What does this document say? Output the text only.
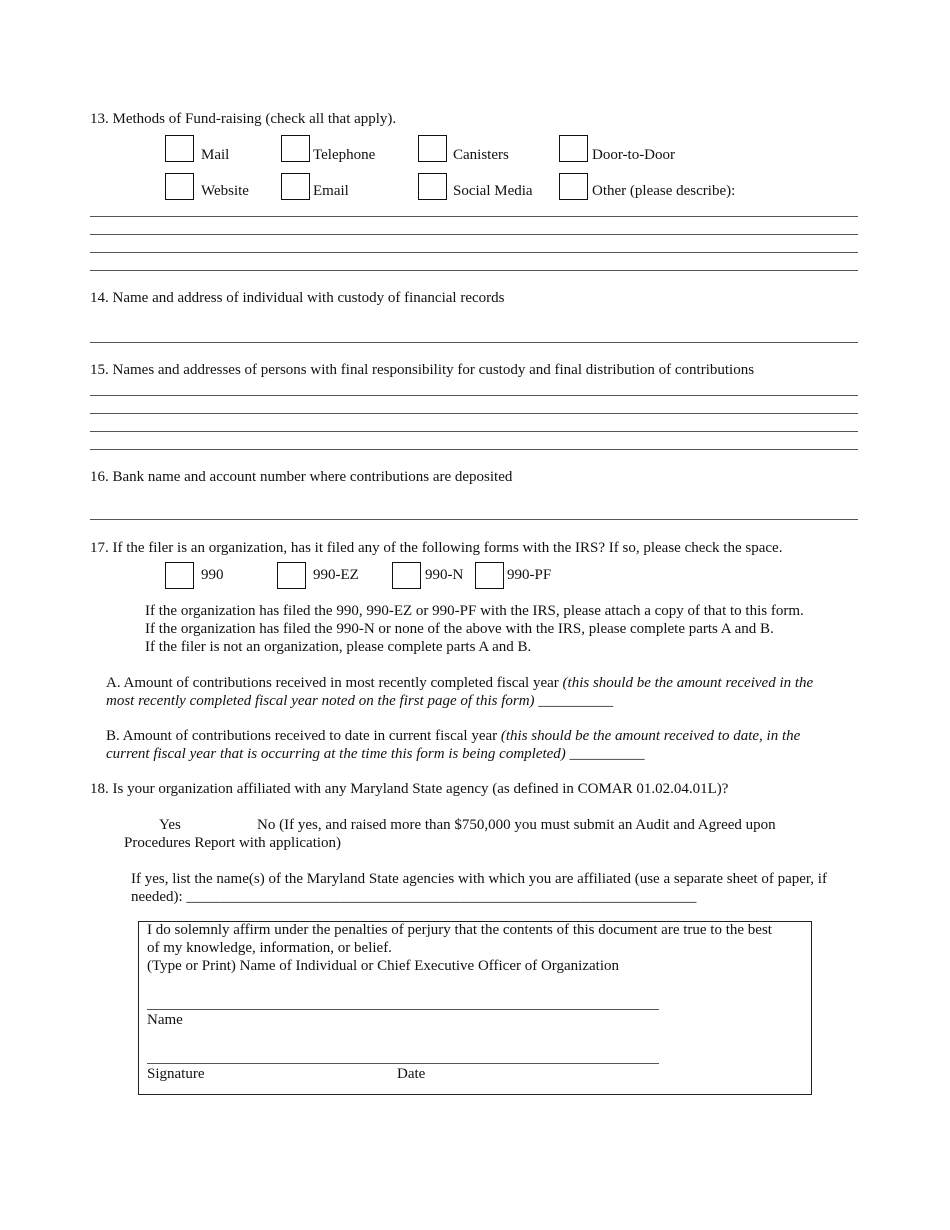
13. Methods of Fund-raising (check all that apply).
Mail	Telephone	Canisters	Door-to-Door
Website	Email	Social Media	Other (please describe):
14. Name and address of individual with custody of financial records
15. Names and addresses of persons with final responsibility for custody and final distribution of contributions
16. Bank name and account number where contributions are deposited
17. If the filer is an organization, has it filed any of the following forms with the IRS? If so, please check the space.
990	990-EZ	990-N	990-PF
If the organization has filed the 990, 990-EZ or 990-PF with the IRS, please attach a copy of that to this form.
If the organization has filed the 990-N or none of the above with the IRS, please complete parts A and B.
If the filer is not an organization, please complete parts A and B.
A. Amount of contributions received in most recently completed fiscal year (this should be the amount received in the
most recently completed fiscal year noted on the first page of this form) __________
B. Amount of contributions received to date in current fiscal year (this should be the amount received to date, in the
current fiscal year that is occurring at the time this form is being completed) __________
18. Is your organization affiliated with any Maryland State agency (as defined in COMAR 01.02.04.01L)?
Yes	No (If yes, and raised more than $750,000 you must submit an Audit and Agreed upon
Procedures Report with application)
If yes, list the name(s) of the Maryland State agencies with which you are affiliated (use a separate sheet of paper, if
needed): ____________________________________________________________________
I do solemnly affirm under the penalties of perjury that the contents of this document are true to the best
of my knowledge, information, or belief.
(Type or Print) Name of Individual or Chief Executive Officer of Organization
Name
Signature	Date
